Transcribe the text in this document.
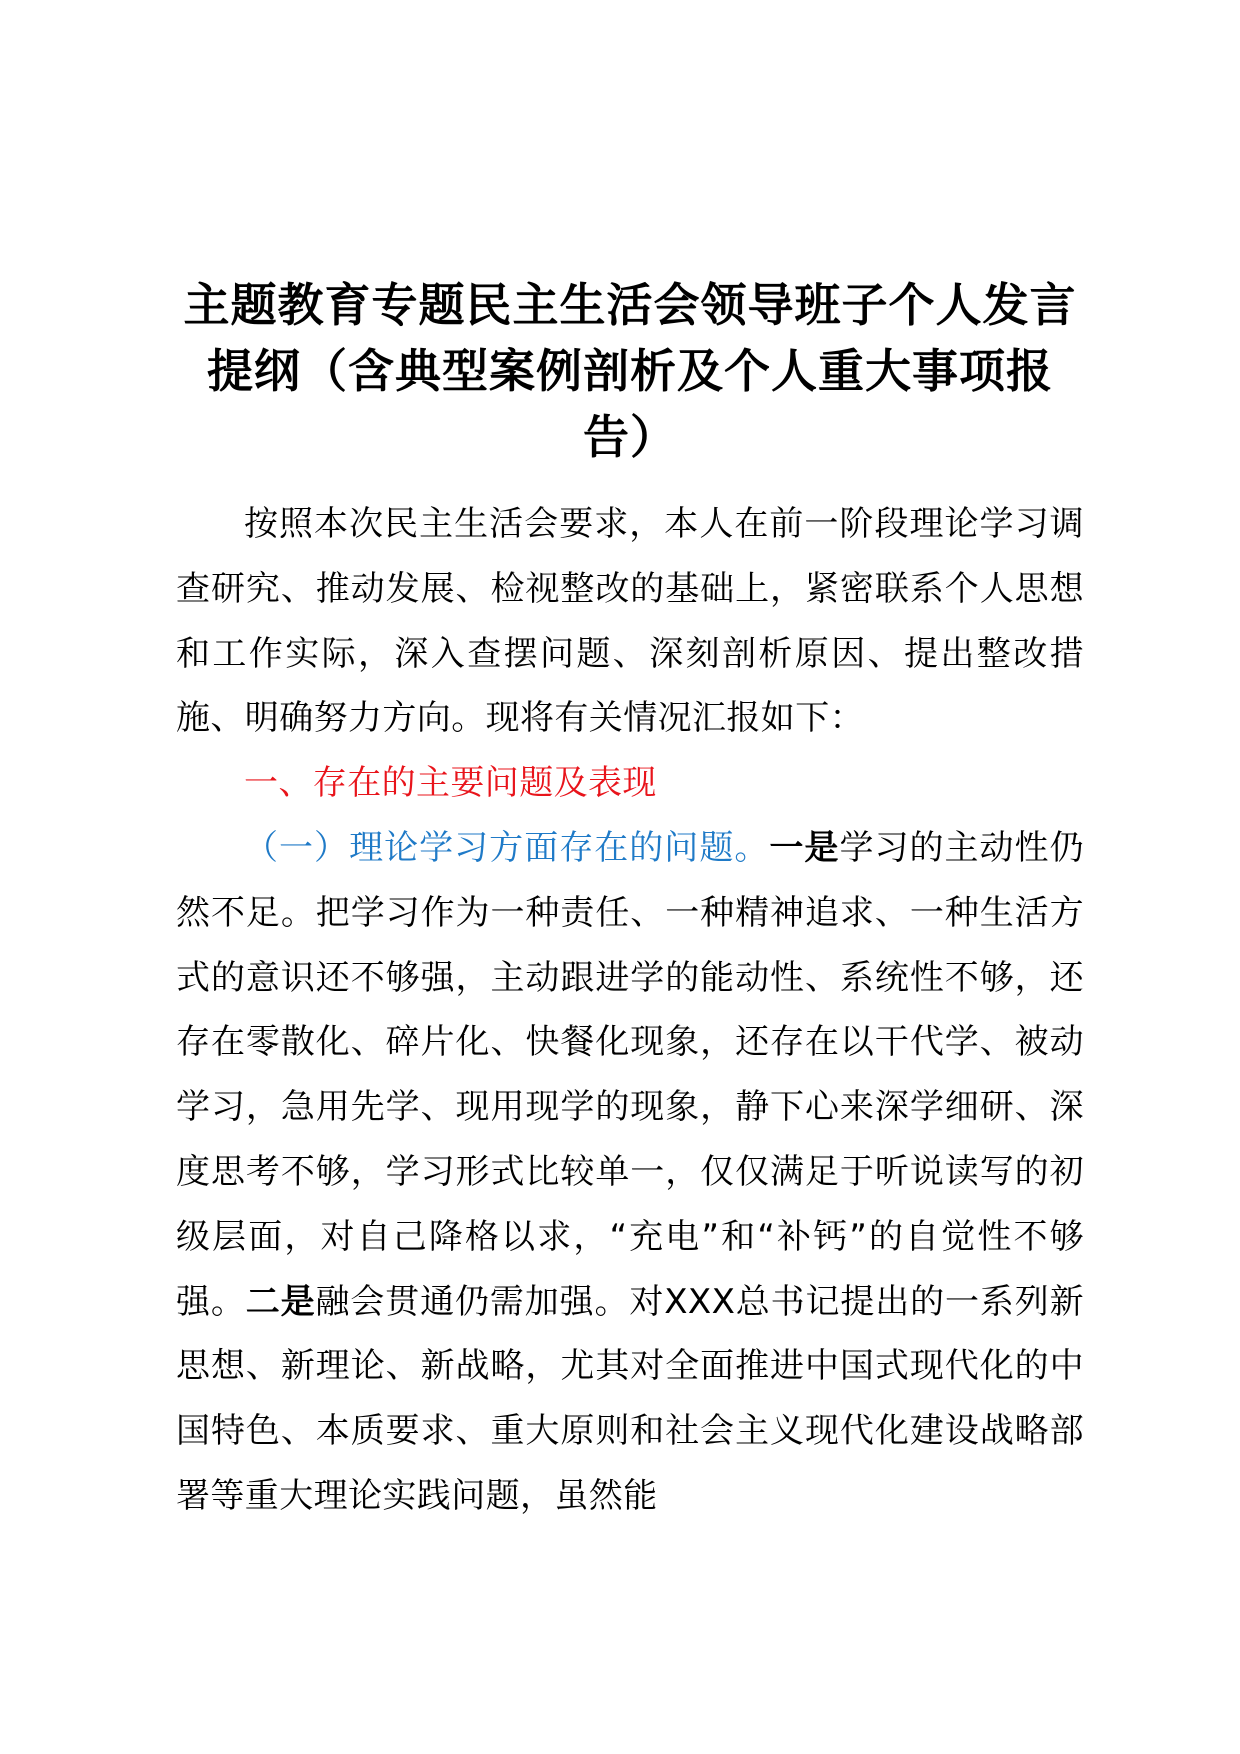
主题教育专题民主生活会领导班子个人发言
提纲（含典型案例剖析及个人重大事项报
告）

按照本次民主生活会要求，本人在前一阶段理论学习调查研究、推动发展、检视整改的基础上，紧密联系个人思想和工作实际，深入查摆问题、深刻剖析原因、提出整改措施、明确努力方向。现将有关情况汇报如下：

一、存在的主要问题及表现

（一）理论学习方面存在的问题。一是学习的主动性仍然不足。把学习作为一种责任、一种精神追求、一种生活方式的意识还不够强，主动跟进学的能动性、系统性不够，还存在零散化、碎片化、快餐化现象，还存在以干代学、被动学习，急用先学、现用现学的现象，静下心来深学细研、深度思考不够，学习形式比较单一，仅仅满足于听说读写的初级层面，对自己降格以求，“充电”和“补钙”的自觉性不够强。二是融会贯通仍需加强。对XXX总书记提出的一系列新思想、新理论、新战略，尤其对全面推进中国式现代化的中国特色、本质要求、重大原则和社会主义现代化建设战略部署等重大理论实践问题，虽然能
